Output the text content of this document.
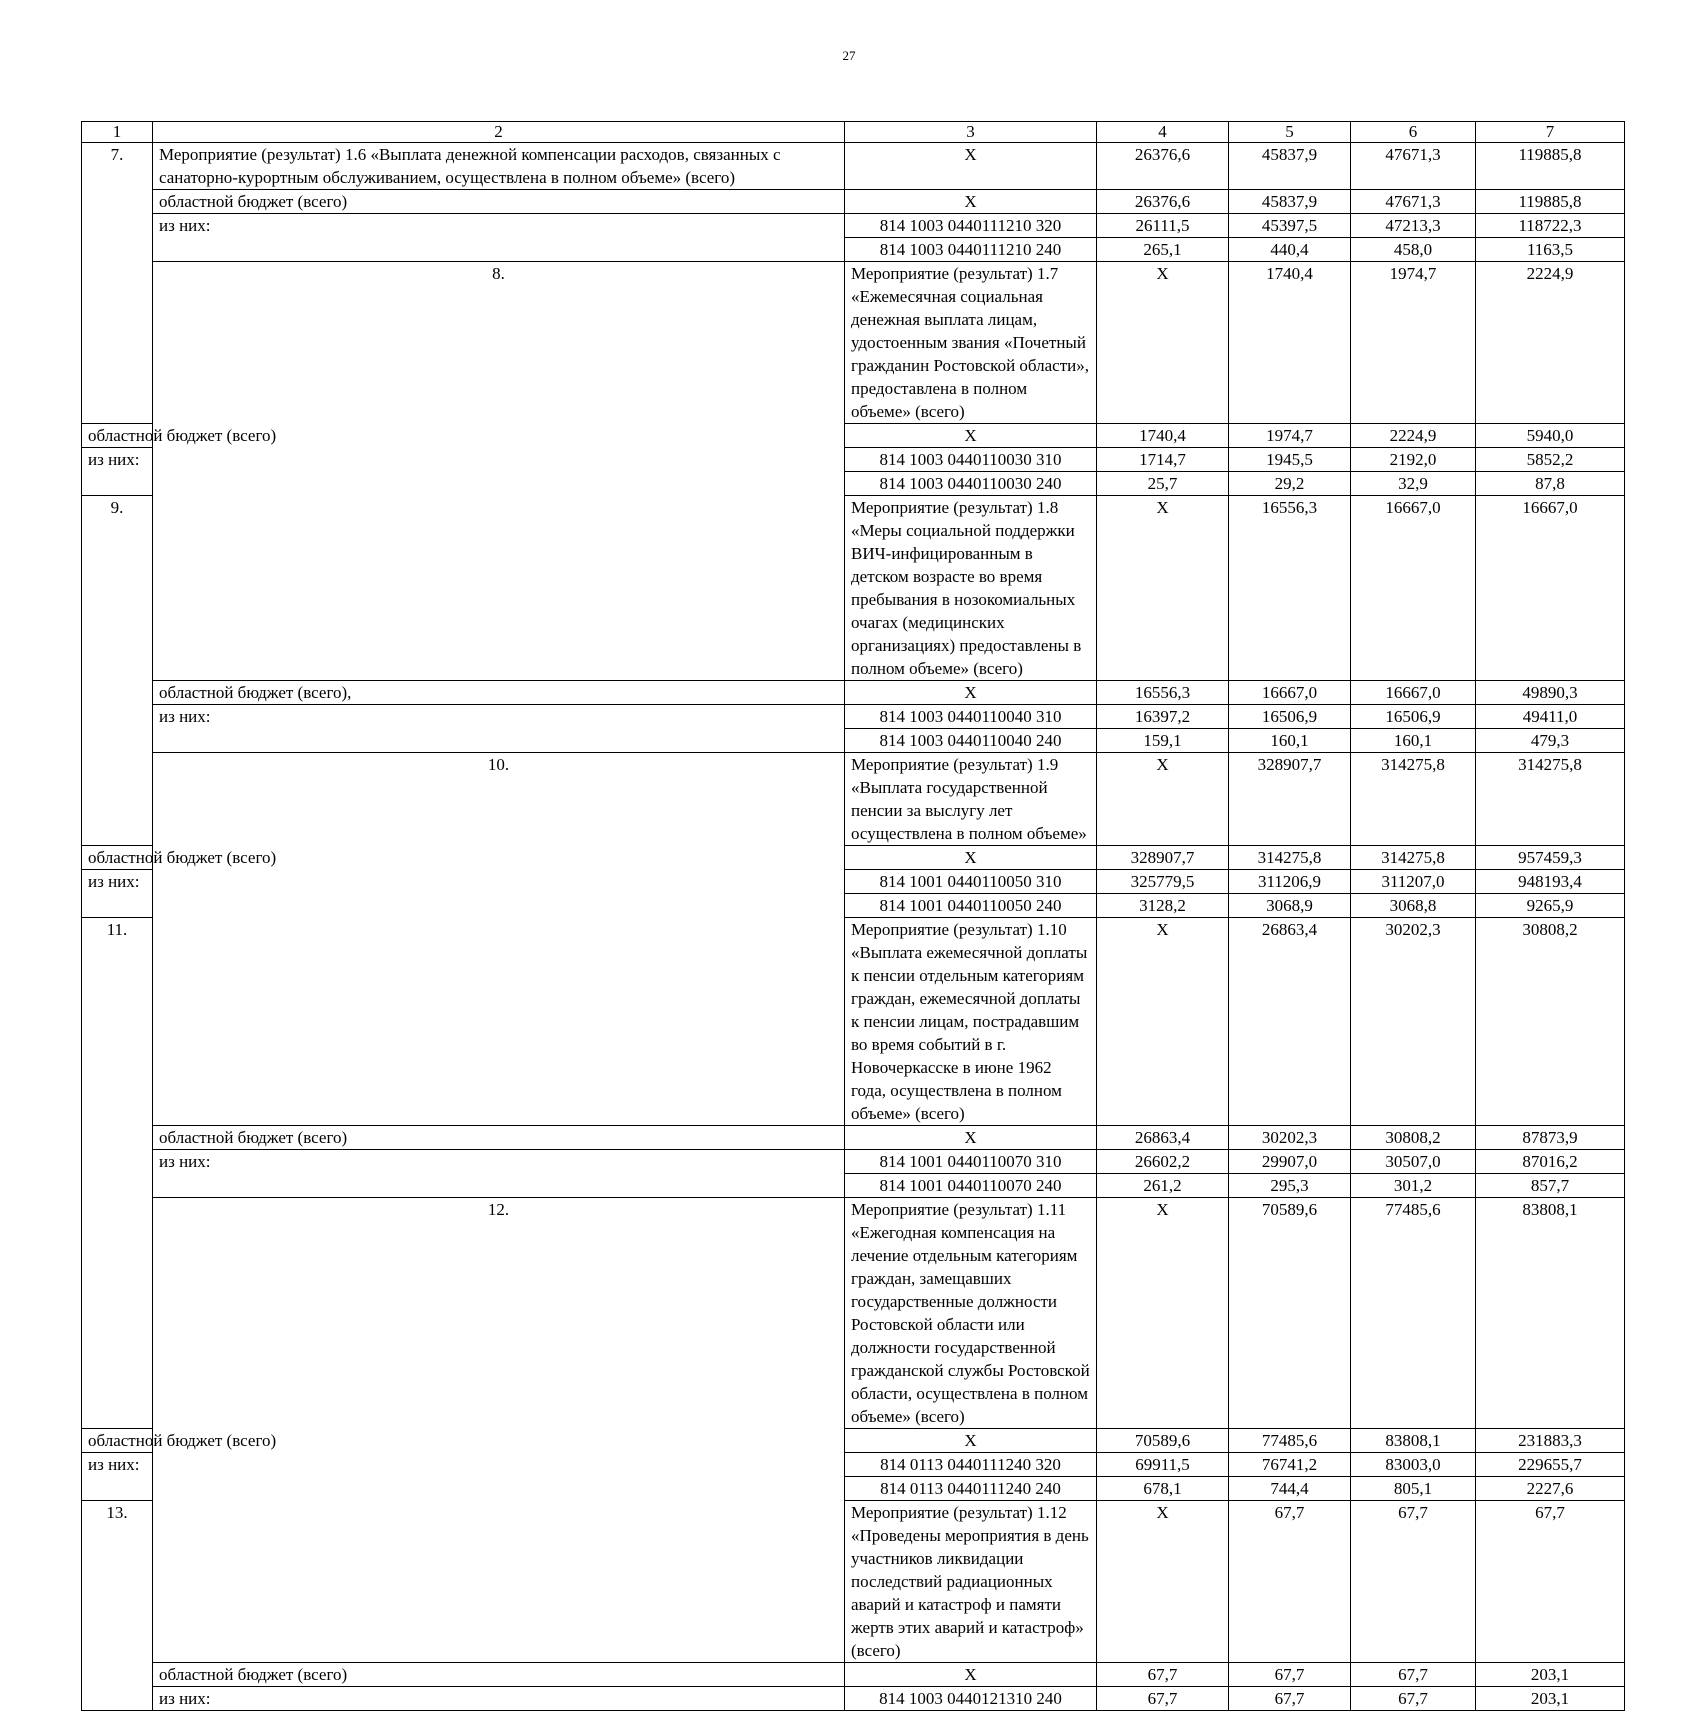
27
1	2	3	4	5	6	7	
7.	Мероприятие (результат) 1.6 «Выплата денежной компенсации расходов, связанных с санаторно-курортным обслуживанием, осуществлена в полном объеме» (всего)	Х	26376,6	45837,9	47671,3	119885,8	
	областной бюджет (всего)	Х	26376,6	45837,9	47671,3	119885,8	
	из них:	814 1003 0440111210 320	26111,5	45397,5	47213,3	118722,3	
		814 1003 0440111210 240	265,1	440,4	458,0	1163,5	
	8.	Мероприятие (результат) 1.7 «Ежемесячная социальная денежная выплата лицам, удостоенным звания «Почетный гражданин Ростовской области», предоставлена в полном объеме» (всего)	Х	1740,4	1974,7	2224,9	
областной бюджет (всего)		Х	1740,4	1974,7	2224,9	5940,0	
из них:		814 1003 0440110030 310	1714,7	1945,5	2192,0	5852,2	
		814 1003 0440110030 240	25,7	29,2	32,9	87,8	
9.		Мероприятие (результат) 1.8 «Меры социальной поддержки ВИЧ-инфицированным в детском возрасте во время пребывания в нозокомиальных очагах (медицинских организациях) предоставлены в полном объеме» (всего)	Х	16556,3	16667,0	16667,0	
	областной бюджет (всего),	Х	16556,3	16667,0	16667,0	49890,3	
	из них:	814 1003 0440110040 310	16397,2	16506,9	16506,9	49411,0	
		814 1003 0440110040 240	159,1	160,1	160,1	479,3	
	10.	Мероприятие (результат) 1.9 «Выплата государственной пенсии за выслугу лет осуществлена в полном объеме»	Х	328907,7	314275,8	314275,8	
областной бюджет (всего)		Х	328907,7	314275,8	314275,8	957459,3	
из них:		814 1001 0440110050 310	325779,5	311206,9	311207,0	948193,4	
		814 1001 0440110050 240	3128,2	3068,9	3068,8	9265,9	
11.		Мероприятие (результат) 1.10 «Выплата ежемесячной доплаты к пенсии отдельным категориям граждан, ежемесячной доплаты к пенсии лицам, пострадавшим во время событий в г. Новочеркасске в июне 1962 года, осуществлена в полном объеме» (всего)	Х	26863,4	30202,3	30808,2	
	областной бюджет (всего)	Х	26863,4	30202,3	30808,2	87873,9	
	из них:	814 1001 0440110070 310	26602,2	29907,0	30507,0	87016,2	
		814 1001 0440110070 240	261,2	295,3	301,2	857,7	
	12.	Мероприятие (результат) 1.11 «Ежегодная компенсация на лечение отдельным категориям граждан, замещавших государственные должности Ростовской области или должности государственной гражданской службы Ростовской области, осуществлена в полном объеме» (всего)	Х	70589,6	77485,6	83808,1	
областной бюджет (всего)		Х	70589,6	77485,6	83808,1	231883,3	
из них:		814 0113 0440111240 320	69911,5	76741,2	83003,0	229655,7	
		814 0113 0440111240 240	678,1	744,4	805,1	2227,6	
13.		Мероприятие (результат) 1.12 «Проведены мероприятия в день участников ликвидации последствий радиационных аварий и катастроф и памяти жертв этих аварий и катастроф» (всего)	Х	67,7	67,7	67,7	
	областной бюджет (всего)	Х	67,7	67,7	67,7	203,1	
	из них:	814 1003 0440121310 240	67,7	67,7	67,7	203,1	
